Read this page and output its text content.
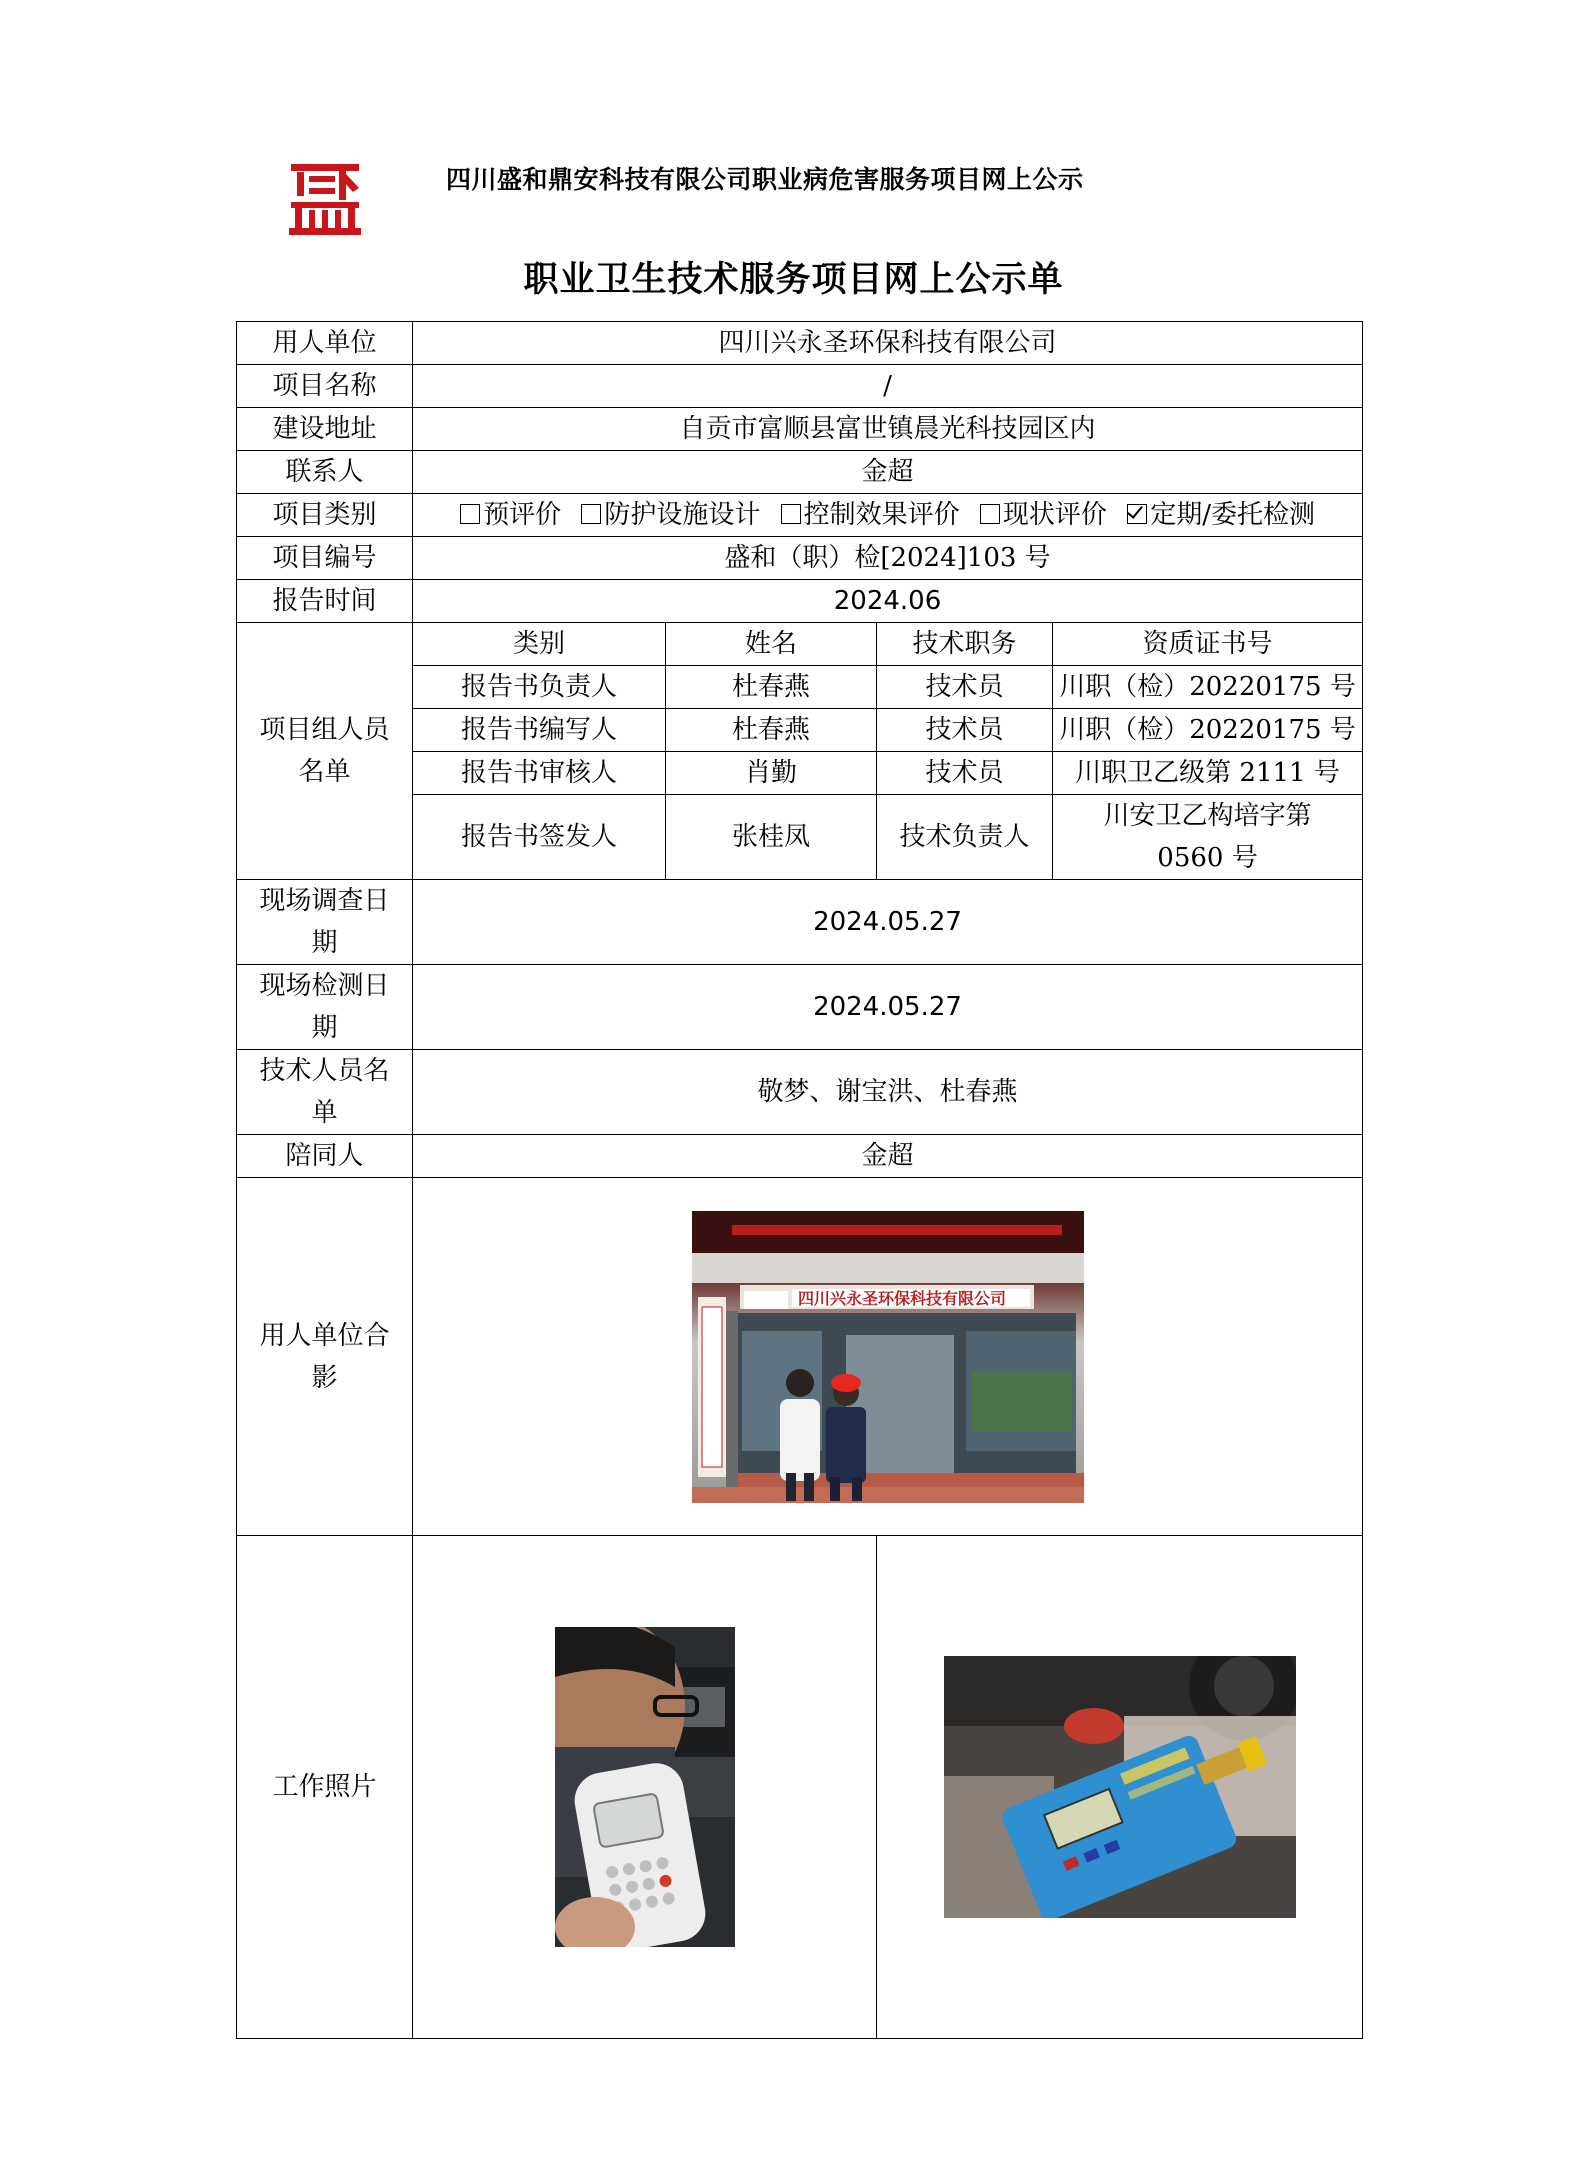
四川盛和鼎安科技有限公司职业病危害服务项目网上公示
职业卫生技术服务项目网上公示单
用人单位	四川兴永圣环保科技有限公司			
项目名称	/			
建设地址	自贡市富顺县富世镇晨光科技园区内			
联系人	金超			
项目类别	预评价 防护设施设计 控制效果评价 现状评价 定期/委托检测			
项目编号	盛和（职）检[2024]103 号			
报告时间	2024.06			

项目组人员
名单	类别	姓名	技术职务	资质证书号
	报告书负责人	杜春燕	技术员	川职（检）20220175 号
	报告书编写人	杜春燕	技术员	川职（检）20220175 号
	报告书审核人	肖勤	技术员	川职卫乙级第 2111 号
	报告书签发人	张桂凤	技术负责人	川安卫乙构培字第
0560 号

现场调查日
期	2024.05.27			

现场检测日
期	2024.05.27			

技术人员名
单	敬梦、谢宝洪、杜春燕			
陪同人	金超			

用人单位合
影	四川兴永圣环保科技有限公司			

工作照片	
